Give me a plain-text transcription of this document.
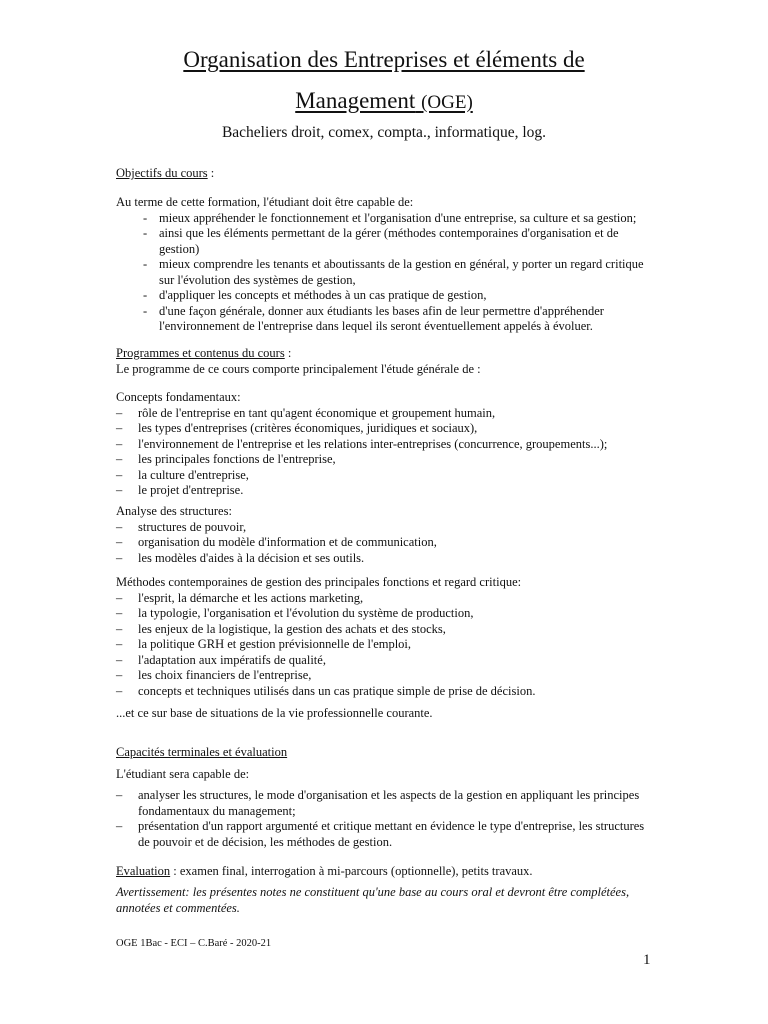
Organisation des Entreprises et éléments de
Management (OGE)
Bacheliers droit, comex, compta., informatique, log.
Objectifs du cours :
Au terme de cette formation, l'étudiant doit être capable de:
- mieux appréhender le fonctionnement et l'organisation d'une entreprise, sa culture et sa gestion;
- ainsi que les éléments permettant de la gérer (méthodes contemporaines d'organisation et de gestion)
- mieux comprendre les tenants et aboutissants de la gestion en général, y porter un regard critique sur l'évolution des systèmes de gestion,
- d'appliquer les concepts et méthodes à un cas pratique de gestion,
- d'une façon générale, donner aux étudiants les bases afin de leur permettre d'appréhender l'environnement de l'entreprise dans lequel ils seront éventuellement appelés à évoluer.
Programmes et contenus du cours :
Le programme de ce cours comporte principalement l'étude générale de :
Concepts fondamentaux:
– rôle de l'entreprise en tant qu'agent économique et groupement humain,
– les types d'entreprises (critères économiques, juridiques et sociaux),
– l'environnement de l'entreprise et les relations inter-entreprises (concurrence, groupements...);
– les principales fonctions de l'entreprise,
– la culture d'entreprise,
– le projet d'entreprise.
Analyse des structures:
– structures de pouvoir,
– organisation du modèle d'information et de communication,
– les modèles d'aides à la décision et ses outils.
Méthodes contemporaines de gestion des principales fonctions et regard critique:
– l'esprit, la démarche et les actions marketing,
– la typologie, l'organisation et l'évolution du système de production,
– les enjeux de la logistique, la gestion des achats et des stocks,
– la politique GRH et gestion prévisionnelle de l'emploi,
– l'adaptation aux impératifs de qualité,
– les choix financiers de l'entreprise,
– concepts et techniques utilisés dans un cas pratique simple de prise de décision.
...et ce sur base de situations de la vie professionnelle courante.
Capacités terminales et évaluation
L'étudiant sera capable de:
– analyser les structures, le mode d'organisation et les aspects de la gestion en appliquant les principes fondamentaux du management;
– présentation d'un rapport argumenté et critique mettant en évidence le type d'entreprise, les structures de pouvoir et de décision, les méthodes de gestion.
Evaluation : examen final, interrogation à mi-parcours (optionnelle), petits travaux.
Avertissement: les présentes notes ne constituent qu'une base au cours oral et devront être complétées, annotées et commentées.
OGE 1Bac - ECI – C.Baré - 2020-21
1
